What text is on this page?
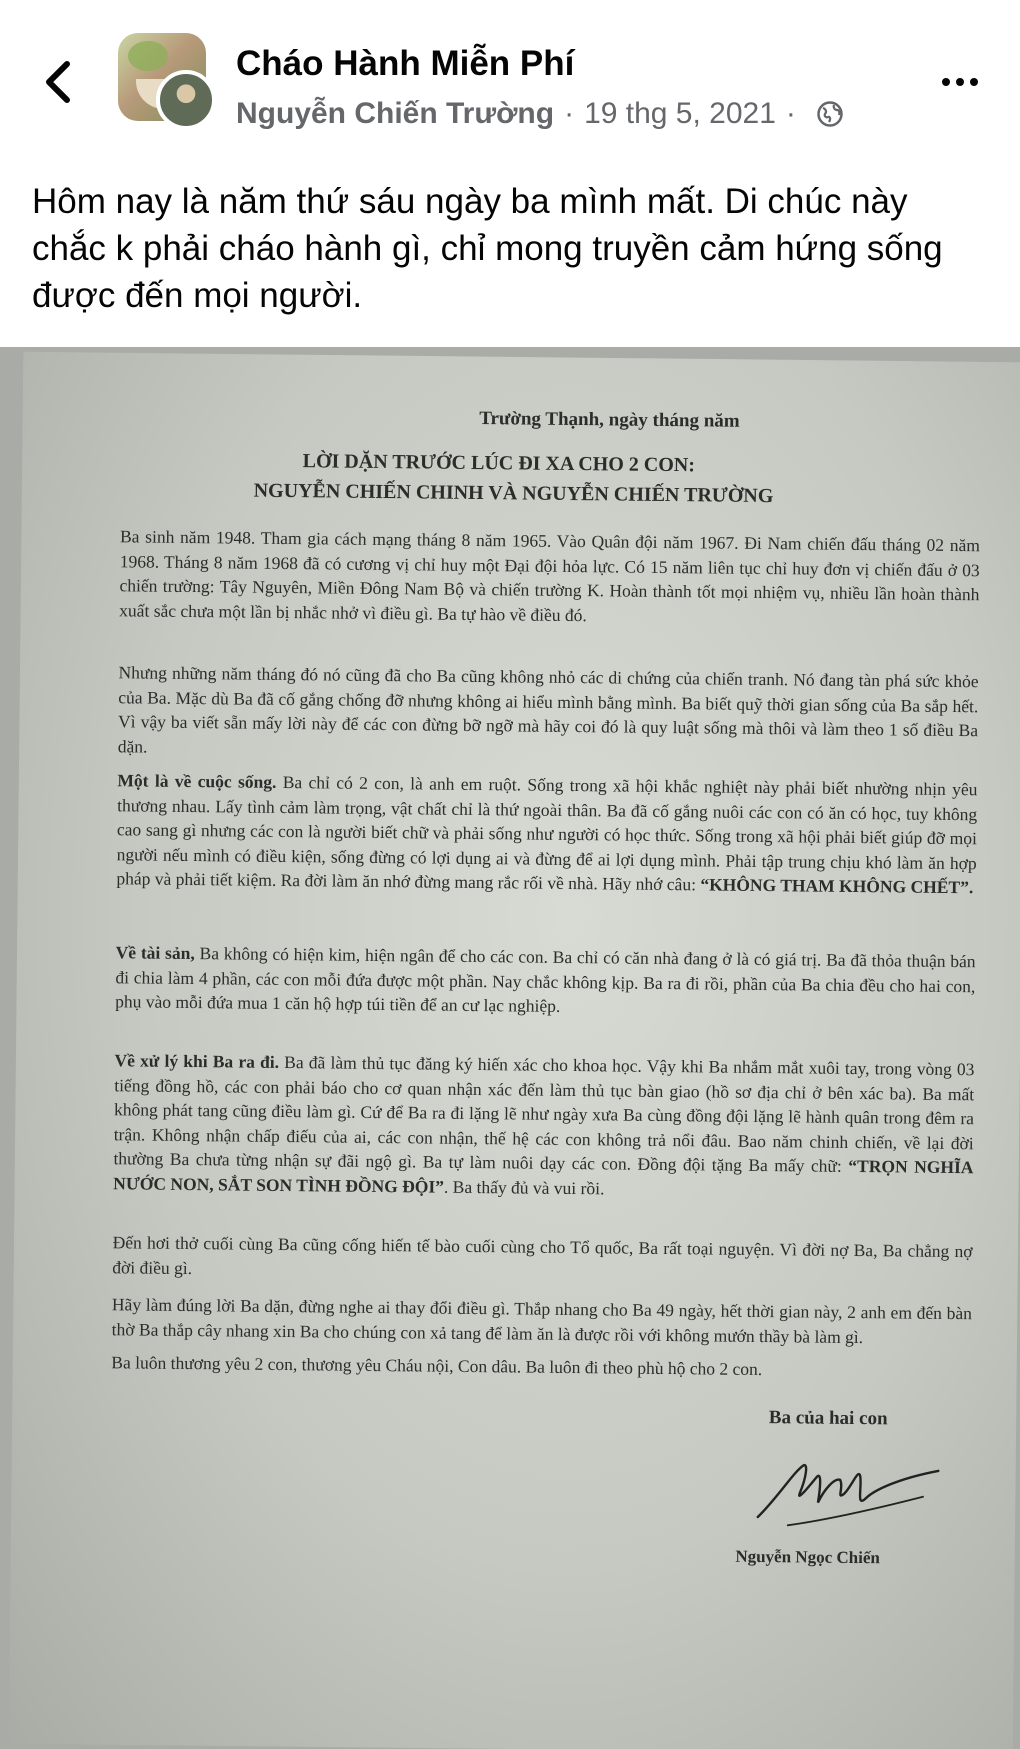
Cháo Hành Miễn Phí
Nguyễn Chiến Trường · 19 thg 5, 2021 ·
Hôm nay là năm thứ sáu ngày ba mình mất. Di chúc này chắc k phải cháo hành gì, chỉ mong truyền cảm hứng sống được đến mọi người.
Trường Thạnh, ngày tháng năm
LỜI DẶN TRƯỚC LÚC ĐI XA CHO 2 CON:
NGUYỄN CHIẾN CHINH VÀ NGUYỄN CHIẾN TRƯỜNG
Ba sinh năm 1948. Tham gia cách mạng tháng 8 năm 1965. Vào Quân đội năm 1967. Đi Nam chiến đấu tháng 02 năm 1968. Tháng 8 năm 1968 đã có cương vị chỉ huy một Đại đội hỏa lực. Có 15 năm liên tục chỉ huy đơn vị chiến đấu ở 03 chiến trường: Tây Nguyên, Miền Đông Nam Bộ và chiến trường K. Hoàn thành tốt mọi nhiệm vụ, nhiều lần hoàn thành xuất sắc chưa một lần bị nhắc nhở vì điều gì. Ba tự hào về điều đó.
Nhưng những năm tháng đó nó cũng đã cho Ba cũng không nhỏ các di chứng của chiến tranh. Nó đang tàn phá sức khỏe của Ba. Mặc dù Ba đã cố gắng chống đỡ nhưng không ai hiểu mình bằng mình. Ba biết quỹ thời gian sống của Ba sắp hết. Vì vậy ba viết sẵn mấy lời này để các con đừng bỡ ngỡ mà hãy coi đó là quy luật sống mà thôi và làm theo 1 số điều Ba dặn.
Một là về cuộc sống. Ba chỉ có 2 con, là anh em ruột. Sống trong xã hội khắc nghiệt này phải biết nhường nhịn yêu thương nhau. Lấy tình cảm làm trọng, vật chất chỉ là thứ ngoài thân. Ba đã cố gắng nuôi các con có ăn có học, tuy không cao sang gì nhưng các con là người biết chữ và phải sống như người có học thức. Sống trong xã hội phải biết giúp đỡ mọi người nếu mình có điều kiện, sống đừng có lợi dụng ai và đừng để ai lợi dụng mình. Phải tập trung chịu khó làm ăn hợp pháp và phải tiết kiệm. Ra đời làm ăn nhớ đừng mang rắc rối về nhà. Hãy nhớ câu: “KHÔNG THAM KHÔNG CHẾT”.
Về tài sản, Ba không có hiện kim, hiện ngân để cho các con. Ba chỉ có căn nhà đang ở là có giá trị. Ba đã thỏa thuận bán đi chia làm 4 phần, các con mỗi đứa được một phần. Nay chắc không kịp. Ba ra đi rồi, phần của Ba chia đều cho hai con, phụ vào mỗi đứa mua 1 căn hộ hợp túi tiền để an cư lạc nghiệp.
Về xử lý khi Ba ra đi. Ba đã làm thủ tục đăng ký hiến xác cho khoa học. Vậy khi Ba nhắm mắt xuôi tay, trong vòng 03 tiếng đồng hồ, các con phải báo cho cơ quan nhận xác đến làm thủ tục bàn giao (hồ sơ địa chỉ ở bên xác ba). Ba mất không phát tang cũng điều làm gì. Cứ để Ba ra đi lặng lẽ như ngày xưa Ba cùng đồng đội lặng lẽ hành quân trong đêm ra trận. Không nhận chấp điếu của ai, các con nhận, thế hệ các con không trả nổi đâu. Bao năm chinh chiến, về lại đời thường Ba chưa từng nhận sự đãi ngộ gì. Ba tự làm nuôi dạy các con. Đồng đội tặng Ba mấy chữ: “TRỌN NGHĨA NƯỚC NON, SẮT SON TÌNH ĐỒNG ĐỘI”. Ba thấy đủ và vui rồi.
Đến hơi thở cuối cùng Ba cũng cống hiến tế bào cuối cùng cho Tổ quốc, Ba rất toại nguyện. Vì đời nợ Ba, Ba chẳng nợ đời điều gì.
Hãy làm đúng lời Ba dặn, đừng nghe ai thay đổi điều gì. Thắp nhang cho Ba 49 ngày, hết thời gian này, 2 anh em đến bàn thờ Ba thắp cây nhang xin Ba cho chúng con xả tang để làm ăn là được rồi với không mướn thầy bà làm gì.
Ba luôn thương yêu 2 con, thương yêu Cháu nội, Con dâu. Ba luôn đi theo phù hộ cho 2 con.
Ba của hai con
Nguyễn Ngọc Chiến
